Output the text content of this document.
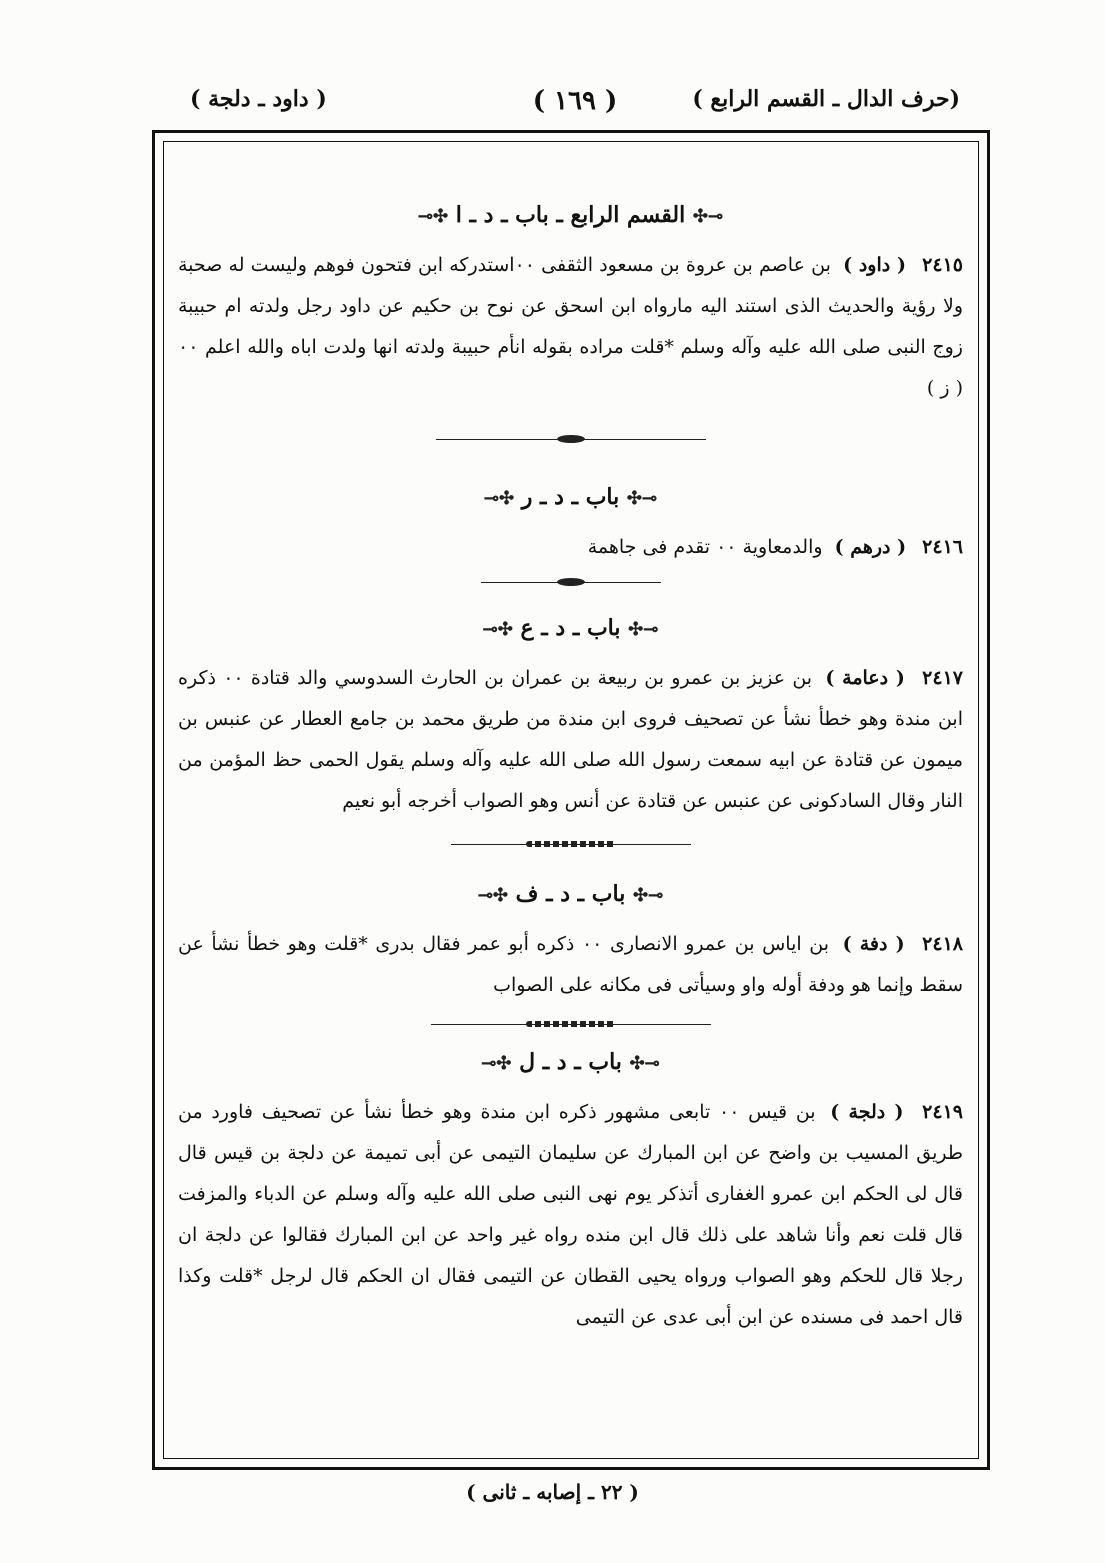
(حرف الدال ـ القسم الرابع )
( ١٦٩ )
( داود ـ دلجة )
⊸✣ القسم الرابع ـ باب ـ د ـ ا ✣⟜

٢٤١٥ ( داود ) بن عاصم بن عروة بن مسعود الثقفى ٠٠استدركه ابن فتحون فوهم وليست له صحبة ولا رؤية والحديث الذى استند اليه مارواه ابن اسحق عن نوح بن حكيم عن داود رجل ولدته ام حبيبة زوج النبى صلى الله عليه وآله وسلم *قلت مراده بقوله انأم حبيبة ولدته انها ولدت اباه والله اعلم ٠٠ ( ز )

⊸✣ باب ـ د ـ ر ✣⟜

٢٤١٦ ( درهم ) والدمعاوية ٠٠ تقدم فى جاهمة

⊸✣ باب ـ د ـ ع ✣⟜

٢٤١٧ ( دعامة ) بن عزيز بن عمرو بن ربيعة بن عمران بن الحارث السدوسي والد قتادة ٠٠ ذكره ابن مندة وهو خطأ نشأ عن تصحيف فروى ابن مندة من طريق محمد بن جامع العطار عن عنبس بن ميمون عن قتادة عن ابيه سمعت رسول الله صلى الله عليه وآله وسلم يقول الحمى حظ المؤمن من النار وقال السادكونى عن عنبس عن قتادة عن أنس وهو الصواب أخرجه أبو نعيم

⊸✣ باب ـ د ـ ف ✣⟜

٢٤١٨ ( دفة ) بن اياس بن عمرو الانصارى ٠٠ ذكره أبو عمر فقال بدرى *قلت وهو خطأ نشأ عن سقط وإنما هو ودفة أوله واو وسيأتى فى مكانه على الصواب

⊸✣ باب ـ د ـ ل ✣⟜

٢٤١٩ ( دلجة ) بن قيس ٠٠ تابعى مشهور ذكره ابن مندة وهو خطأ نشأ عن تصحيف فاورد من طريق المسيب بن واضح عن ابن المبارك عن سليمان التيمى عن أبى تميمة عن دلجة بن قيس قال قال لى الحكم ابن عمرو الغفارى أتذكر يوم نهى النبى صلى الله عليه وآله وسلم عن الدباء والمزفت قال قلت نعم وأنا شاهد على ذلك قال ابن منده رواه غير واحد عن ابن المبارك فقالوا عن دلجة ان رجلا قال للحكم وهو الصواب ورواه يحيى القطان عن التيمى فقال ان الحكم قال لرجل *قلت وكذا قال احمد فى مسنده عن ابن أبى عدى عن التيمى

( ٢٢ ـ إصابه ـ ثانى )
